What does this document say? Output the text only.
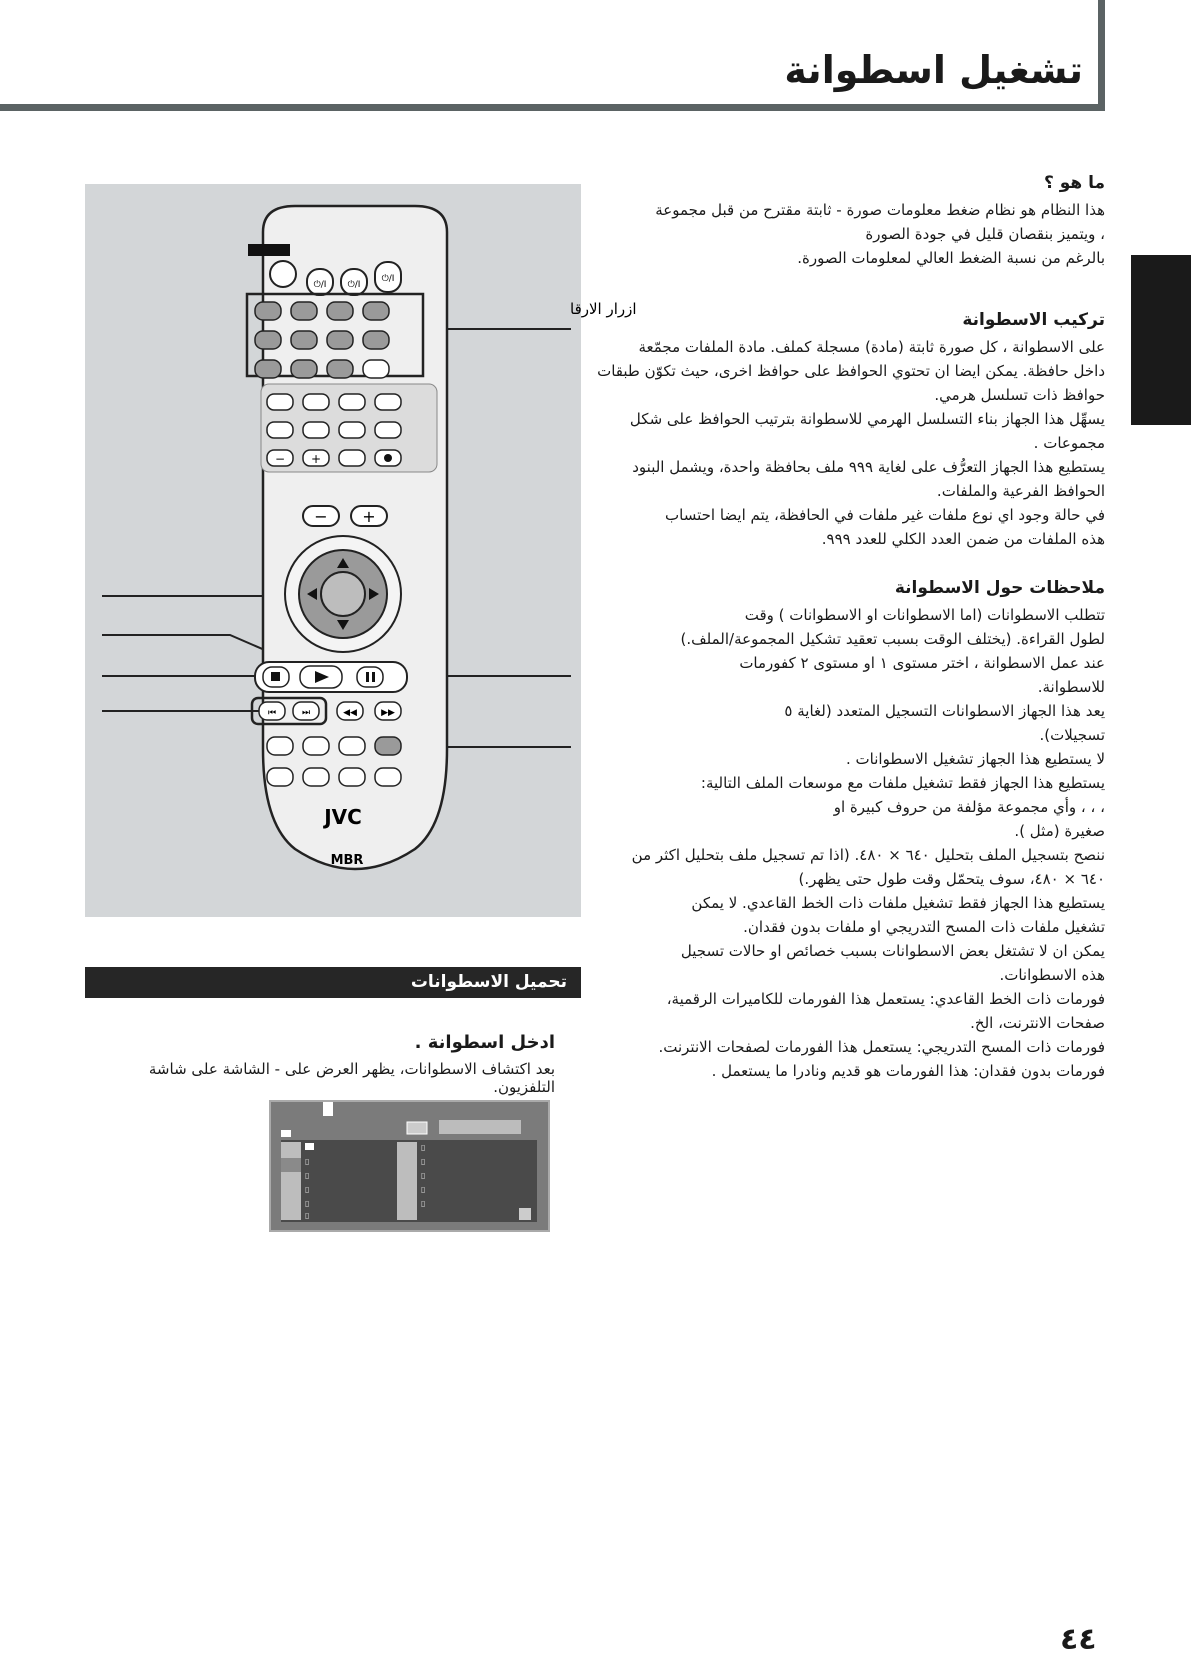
تشغيل اسطوانة
ما هو ؟
هذا النظام هو نظام ضغط معلومات صورة - ثابتة مقترح من قبل مجموعة
، ويتميز بنقصان قليل في جودة الصورة
بالرغم من نسبة الضغط العالي لمعلومات الصورة.
تركيب الاسطوانة
على الاسطوانة ، كل صورة ثابتة (مادة) مسجلة كملف. مادة الملفات مجمّعة
داخل حافظة. يمكن ايضا ان تحتوي الحوافظ على حوافظ اخرى، حيث تكوّن طبقات
حوافظ ذات تسلسل هرمي.
يسهِّل هذا الجهاز بناء التسلسل الهرمي للاسطوانة بترتيب الحوافظ على شكل
مجموعات .
يستطيع هذا الجهاز التعرُّف على لغاية ٩٩٩ ملف بحافظة واحدة، ويشمل البنود
الحوافظ الفرعية والملفات.
في حالة وجود اي نوع ملفات غير ملفات في الحافظة، يتم ايضا احتساب
هذه الملفات من ضمن العدد الكلي للعدد ٩٩٩.
ملاحظات حول الاسطوانة
تتطلب الاسطوانات (اما الاسطوانات او الاسطوانات ) وقت
لطول القراءة. (يختلف الوقت بسبب تعقيد تشكيل المجموعة/الملف.)
عند عمل الاسطوانة ، اختر مستوى ١ او مستوى ٢ كفورمات
للاسطوانة.
يعد هذا الجهاز الاسطوانات التسجيل المتعدد (لغاية ٥
تسجيلات).
لا يستطيع هذا الجهاز تشغيل الاسطوانات .
يستطيع هذا الجهاز فقط تشغيل ملفات مع موسعات الملف التالية:
، ، ، وأي مجموعة مؤلفة من حروف كبيرة او
صغيرة (مثل ).
ننصح بتسجيل الملف بتحليل ٦٤٠ × ٤٨٠. (اذا تم تسجيل ملف بتحليل اكثر من
٦٤٠ × ٤٨٠، سوف يتحمّل وقت طول حتى يظهر.)
يستطيع هذا الجهاز فقط تشغيل ملفات ذات الخط القاعدي. لا يمكن
تشغيل ملفات ذات المسح التدريجي او ملفات بدون فقدان.
يمكن ان لا تشتغل بعض الاسطوانات بسبب خصائص او حالات تسجيل
هذه الاسطوانات.
فورمات ذات الخط القاعدي: يستعمل هذا الفورمات للكاميرات الرقمية،
صفحات الانترنت، الخ.
فورمات ذات المسح التدريجي: يستعمل هذا الفورمات لصفحات الانترنت.
فورمات بدون فقدان: هذا الفورمات هو قديم ونادرا ما يستعمل .
ازرار الارقا
⏻/I ⏻/I
⏻/I
− +
− +
⏮	⏭	◀◀	▶▶
JVC
MBR
تحميل الاسطوانات
ادخل اسطوانة .
بعد اكتشاف الاسطوانات، يظهر العرض على - الشاشة على شاشة التلفزيون.
▯
▯
▯
▯
▯
▯
▯
▯
▯
▯
٤٤
